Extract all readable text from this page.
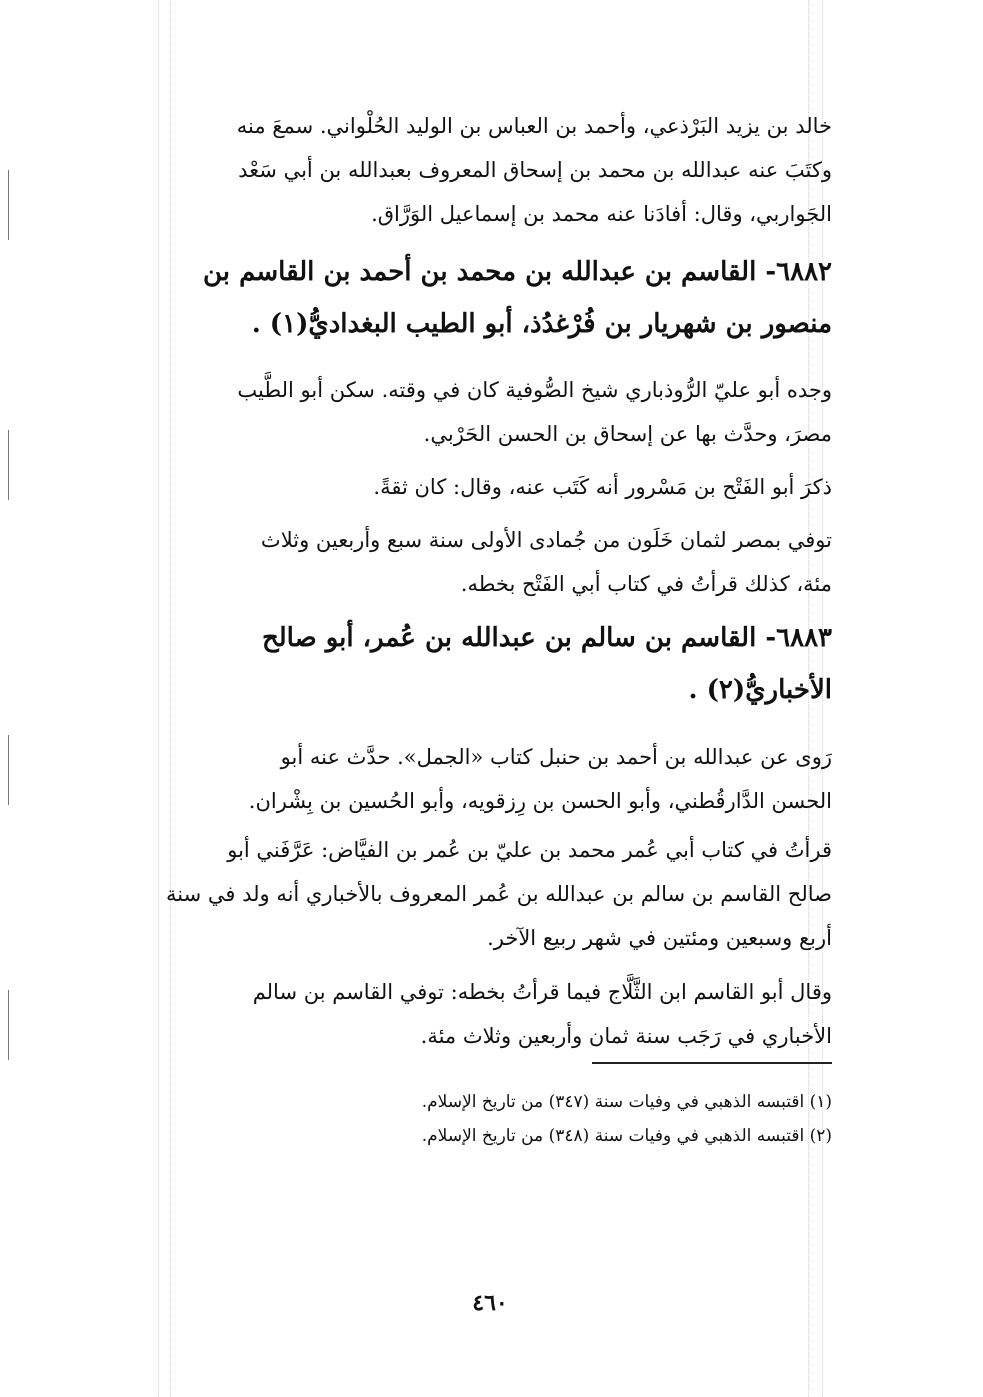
خالد بن يزيد البَرْذعي، وأحمد بن العباس بن الوليد الحُلْواني. سمعَ منه
وكتَبَ عنه عبدالله بن محمد بن إسحاق المعروف بعبدالله بن أبي سَعْد
الجَواربي، وقال: أفادَنا عنه محمد بن إسماعيل الوَرَّاق.
٦٨٨٢- القاسم بن عبدالله بن محمد بن أحمد بن القاسم بن
منصور بن شهريار بن فُرْغدُذ، أبو الطيب البغداديُّ(١) .
وجده أبو عليّ الرُّوذباري شيخ الصُّوفية كان في وقته. سكن أبو الطَّيب
مصرَ، وحدَّث بها عن إسحاق بن الحسن الحَرْبي.
ذكرَ أبو الفَتْح بن مَسْرور أنه كَتَب عنه، وقال: كان ثقةً.
توفي بمصر لثمان خَلَون من جُمادى الأولى سنة سبع وأربعين وثلاث
مئة، كذلك قرأتُ في كتاب أبي الفَتْح بخطه.
٦٨٨٣- القاسم بن سالم بن عبدالله بن عُمر، أبو صالح
الأخباريُّ(٢) .
رَوى عن عبدالله بن أحمد بن حنبل كتاب «الجمل». حدَّث عنه أبو
الحسن الدَّارقُطني، وأبو الحسن بن رِزقويه، وأبو الحُسين بن بِشْران.
قرأتُ في كتاب أبي عُمر محمد بن عليّ بن عُمر بن الفيَّاض: عَرَّفَني أبو
صالح القاسم بن سالم بن عبدالله بن عُمر المعروف بالأخباري أنه ولد في سنة
أربع وسبعين ومئتين في شهر ربيع الآخر.
وقال أبو القاسم ابن الثَّلَّاج فيما قرأتُ بخطه: توفي القاسم بن سالم
الأخباري في رَجَب سنة ثمان وأربعين وثلاث مئة.
(١) اقتبسه الذهبي في وفيات سنة (٣٤٧) من تاريخ الإسلام.
(٢) اقتبسه الذهبي في وفيات سنة (٣٤٨) من تاريخ الإسلام.
٤٦٠
